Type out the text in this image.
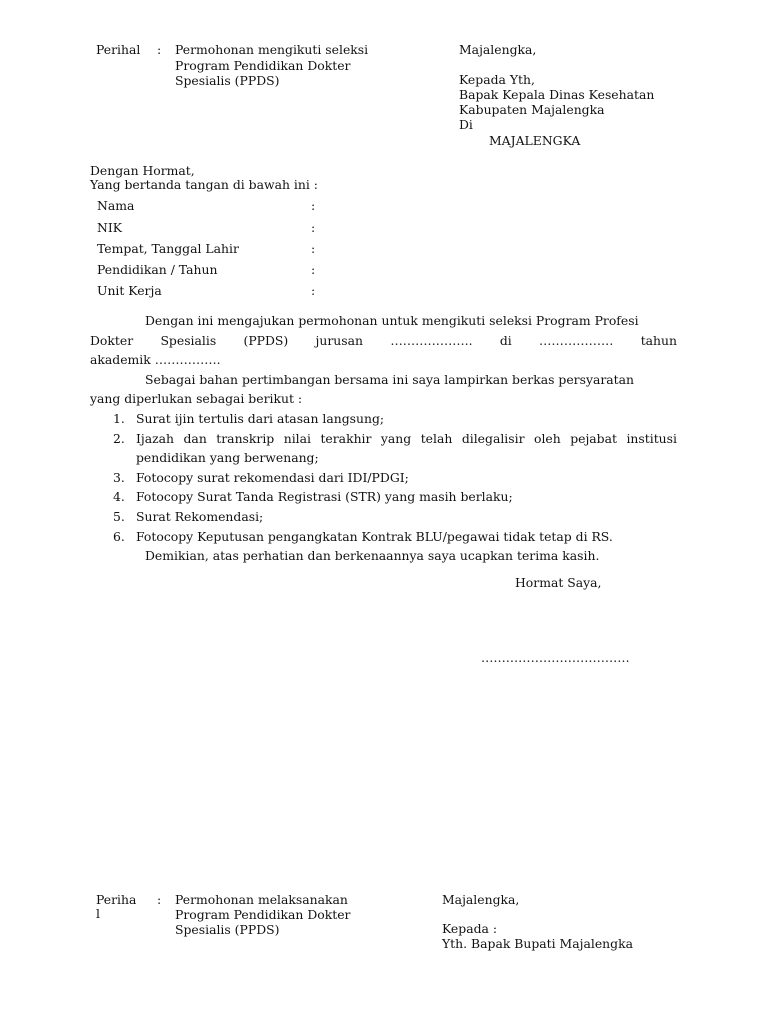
Perihal : Permohonan mengikuti seleksi
Program Pendidikan Dokter
Spesialis (PPDS)
Majalengka,
Kepada Yth,
Bapak Kepala Dinas Kesehatan
Kabupaten Majalengka
Di
MAJALENGKA
Dengan Hormat,
Yang bertanda tangan di bawah ini :
Nama	:
NIK	:
Tempat, Tanggal Lahir	:
Pendidikan / Tahun	:
Unit Kerja	:
Dengan ini mengajukan permohonan untuk mengikuti seleksi Program Profesi
Dokter Spesialis (PPDS) jurusan ……………….. di ……………… tahun
akademik …………….
Sebagai bahan pertimbangan bersama ini saya lampirkan berkas persyaratan
yang diperlukan sebagai berikut :
1. Surat ijin tertulis dari atasan langsung;
2. Ijazah dan transkrip nilai terakhir yang telah dilegalisir oleh pejabat institusi
pendidikan yang berwenang;
3. Fotocopy surat rekomendasi dari IDI/PDGI;
4. Fotocopy Surat Tanda Registrasi (STR) yang masih berlaku;
5. Surat Rekomendasi;
6. Fotocopy Keputusan pengangkatan Kontrak BLU/pegawai tidak tetap di RS.
Demikian, atas perhatian dan berkenaannya saya ucapkan terima kasih.
Hormat Saya,
………………………………
Periha
l
: Permohonan melaksanakan
Program Pendidikan Dokter
Spesialis (PPDS)
Majalengka,
Kepada :
Yth. Bapak Bupati Majalengka
